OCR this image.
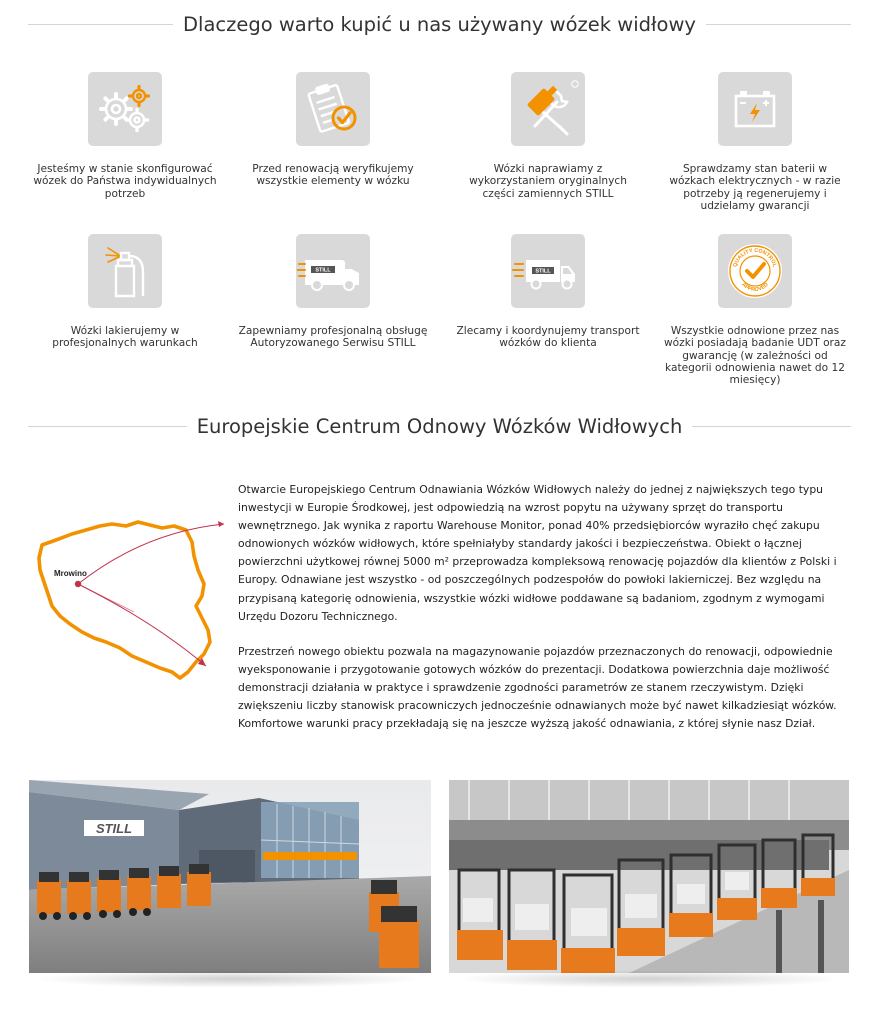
Dlaczego warto kupić u nas używany wózek widłowy
Jesteśmy w stanie skonfigurować wózek do Państwa indywidualnych potrzeb
Przed renowacją weryfikujemy wszystkie elementy w wózku
Wózki naprawiamy z wykorzystaniem oryginalnych części zamiennych STILL
Sprawdzamy stan baterii w wózkach elektrycznych - w razie potrzeby ją regenerujemy i udzielamy gwarancji
Wózki lakierujemy w profesjonalnych warunkach
STILL
Zapewniamy profesjonalną obsługę Autoryzowanego Serwisu STILL
STILL
Zlecamy i koordynujemy transport wózków do klienta
QUALITY CONTROL
APPROVED
Wszystkie odnowione przez nas wózki posiadają badanie UDT oraz gwarancję (w zależności od kategorii odnowienia nawet do 12 miesięcy)
Europejskie Centrum Odnowy Wózków Widłowych
Mrowino

Otwarcie Europejskiego Centrum Odnawiania Wózków Widłowych należy do jednej z największych tego typu inwestycji w Europie Środkowej, jest odpowiedzią na wzrost popytu na używany sprzęt do transportu wewnętrznego. Jak wynika z raportu Warehouse Monitor, ponad 40% przedsiębiorców wyraziło chęć zakupu odnowionych wózków widłowych, które spełniałyby standardy jakości i bezpieczeństwa. Obiekt o łącznej powierzchni użytkowej równej 5000 m² przeprowadza kompleksową renowację pojazdów dla klientów z Polski i Europy. Odnawiane jest wszystko - od poszczególnych podzespołów do powłoki lakierniczej. Bez względu na przypisaną kategorię odnowienia, wszystkie wózki widłowe poddawane są badaniom, zgodnym z wymogami Urzędu Dozoru Technicznego.

Przestrzeń nowego obiektu pozwala na magazynowanie pojazdów przeznaczonych do renowacji, odpowiednie wyeksponowanie i przygotowanie gotowych wózków do prezentacji. Dodatkowa powierzchnia daje możliwość demonstracji działania w praktyce i sprawdzenie zgodności parametrów ze stanem rzeczywistym. Dzięki zwiększeniu liczby stanowisk pracowniczych jednocześnie odnawianych może być nawet kilkadziesiąt wózków. Komfortowe warunki pracy przekładają się na jeszcze wyższą jakość odnawiania, z której słynie nasz Dział.

STILL
